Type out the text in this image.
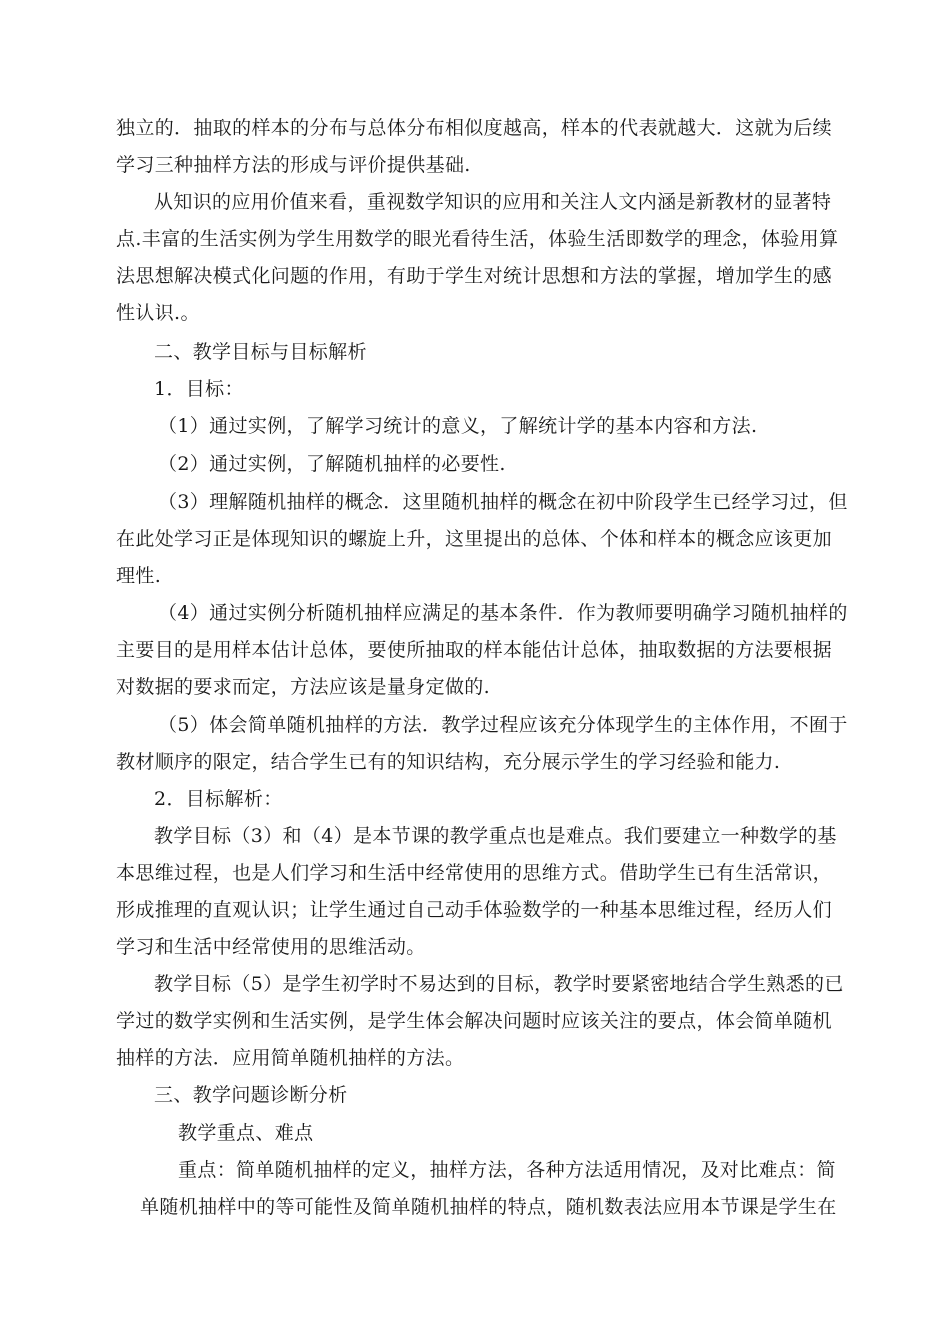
独立的．抽取的样本的分布与总体分布相似度越高，样本的代表就越大．这就为后续
学习三种抽样方法的形成与评价提供基础.
从知识的应用价值来看，重视数学知识的应用和关注人文内涵是新教材的显著特
点.丰富的生活实例为学生用数学的眼光看待生活，体验生活即数学的理念，体验用算
法思想解决模式化问题的作用，有助于学生对统计思想和方法的掌握，增加学生的感
性认识.。
二、教学目标与目标解析
1．目标：
（1）通过实例，了解学习统计的意义，了解统计学的基本内容和方法.
（2）通过实例，了解随机抽样的必要性.
（3）理解随机抽样的概念．这里随机抽样的概念在初中阶段学生已经学习过，但
在此处学习正是体现知识的螺旋上升，这里提出的总体、个体和样本的概念应该更加
理性.
（4）通过实例分析随机抽样应满足的基本条件．作为教师要明确学习随机抽样的
主要目的是用样本估计总体，要使所抽取的样本能估计总体，抽取数据的方法要根据
对数据的要求而定，方法应该是量身定做的.
（5）体会简单随机抽样的方法．教学过程应该充分体现学生的主体作用，不囿于
教材顺序的限定，结合学生已有的知识结构，充分展示学生的学习经验和能力.
2．目标解析：
教学目标（3）和（4）是本节课的教学重点也是难点。我们要建立一种数学的基
本思维过程，也是人们学习和生活中经常使用的思维方式。借助学生已有生活常识，
形成推理的直观认识；让学生通过自己动手体验数学的一种基本思维过程，经历人们
学习和生活中经常使用的思维活动。
教学目标（5）是学生初学时不易达到的目标，教学时要紧密地结合学生熟悉的已
学过的数学实例和生活实例，是学生体会解决问题时应该关注的要点，体会简单随机
抽样的方法．应用简单随机抽样的方法。
三、教学问题诊断分析
教学重点、难点
重点：简单随机抽样的定义，抽样方法，各种方法适用情况，及对比难点：简
单随机抽样中的等可能性及简单随机抽样的特点，随机数表法应用本节课是学生在
